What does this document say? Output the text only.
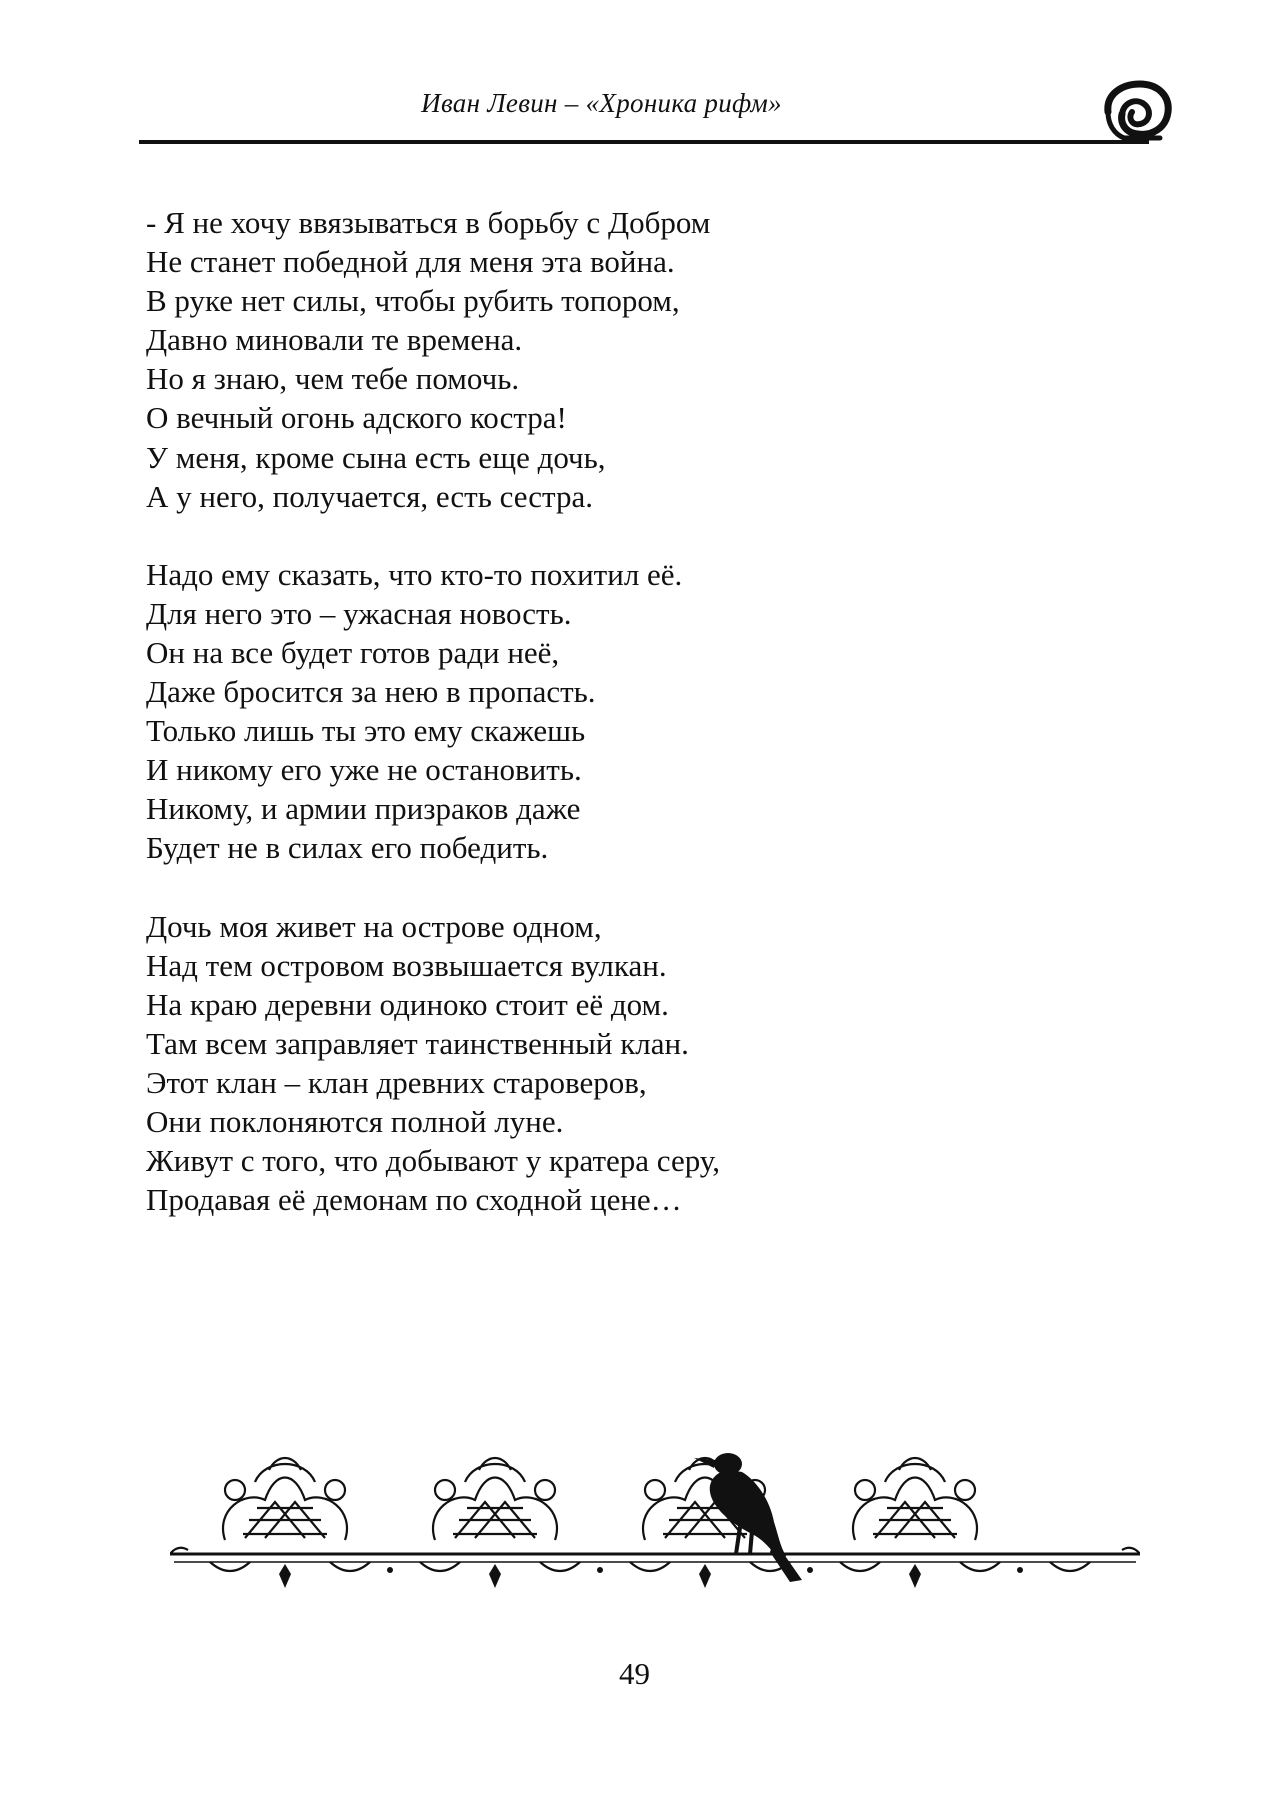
Иван Левин – «Хроника рифм»
- Я не хочу ввязываться в борьбу с Добром
Не станет победной для меня эта война.
В руке нет силы, чтобы рубить топором,
Давно миновали те времена.
Но я знаю, чем тебе помочь.
О вечный огонь адского костра!
У меня, кроме сына есть еще дочь,
А у него, получается, есть сестра.
Надо ему сказать, что кто-то похитил её.
Для него это – ужасная новость.
Он на все будет готов ради неё,
Даже бросится за нею в пропасть.
Только лишь ты это ему скажешь
И никому его уже не остановить.
Никому, и армии призраков даже
Будет не в силах его победить.
Дочь моя живет на острове одном,
Над тем островом возвышается вулкан.
На краю деревни одиноко стоит её дом.
Там всем заправляет таинственный клан.
Этот клан – клан древних староверов,
Они поклоняются полной луне.
Живут с того, что добывают у кратера серу,
Продавая её демонам по сходной цене…
49
